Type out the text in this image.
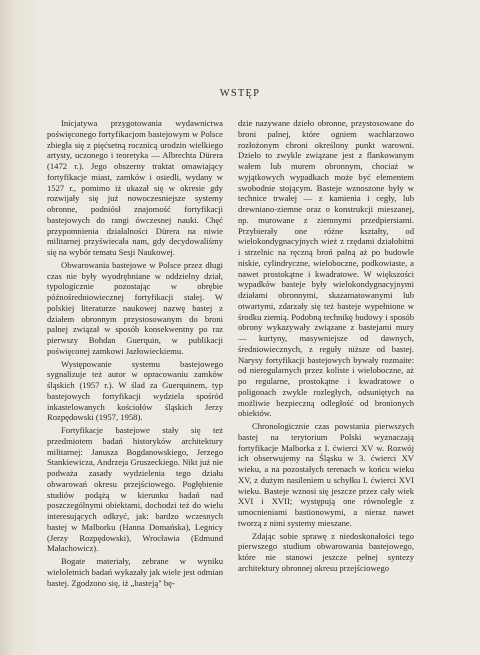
WSTĘP

Inicjatywa przygotowania wydawnictwa poświęconego fortyfikacjom bastejowym w Polsce zbiegła się z pięćsetną rocznicą urodzin wielkiego artysty, uczonego i teoretyka — Albrechta Dürera (1472 r.). Jego obszerny traktat omawiający fortyfikacje miast, zamków i osiedli, wydany w 1527 r., pomimo iż ukazał się w okresie gdy rozwijały się już nowoczesniejsze systemy obronne, podniósł znajomość fortyfikacji bastejowych do rangi ówczesnej nauki. Chęć przypomnienia działalności Dürera na niwie militarnej przyświecała nam, gdy decydowaliśmy się na wybór tematu Sesji Naukowej.

Obwarowania bastejowe w Polsce przez długi czas nie były wyodrębniane w oddzielny dział, typologicznie pozostając w obrębie późnośredniowiecznej fortyfikacji stałej. W polskiej literaturze naukowej nazwę bastej z działem obronnym przystosowanym do broni palnej związał w sposób konsekwentny po raz pierwszy Bohdan Guerquin, w publikacji poświęconej zamkowi Jazłowieckiemu.

Występowanie systemu bastejowego sygnalizuje też autor w opracowaniu zamków śląskich (1957 r.). W ślad za Guerquinem, typ bastejowych fortyfikacji wydziela spośród inkastelowanych kościołów śląskich Jerzy Rozpędowski (1957, 1958).

Fortyfikacje bastejowe stały się też przedmiotem badań historyków architektury militarnej: Janusza Bogdanowskiego, Jerzego Stankiewicza, Andrzeja Gruszeckiego. Nikt już nie podważa zasady wydzielenia tego działu obwarowań okresu przejściowego. Pogłębienie studiów podążą w kierunku badań nad poszczególnymi obiektami, dochodzi też do wielu interesujących odkryć, jak: bardzo wczesnych bastej w Malborku (Hanna Domańska), Legnicy (Jerzy Rozpędowski), Wrocławia (Edmund Małachowicz).

Bogate materiały, zebrane w wyniku wieloletnich badań wykazały jak wiele jest odmian bastej. Zgodzono się, iż „basteją" bę-

dzie nazywane dzieło obronne, przystosowane do broni palnej, które ogniem wachlarzowo rozłożonym chroni określony punkt warowni. Dzieło to zwykle związane jest z flankowanym wałem lub murem obronnym, chociaż w wyjątkowych wypadkach może być elementem swobodnie stojącym. Basteje wznoszone były w technice trwałej — z kamienia i cegły, lub drewniano-ziemne oraz o konstrukcji mieszanej, np. murowane z ziemnymi przedpiersiami. Przybierały one różne kształty, od wielokondygnacyjnych wież z rzędami działobitni i strzelnic na ręczną broń palną aż po budowle niskie, cylindryczne, wieloboczne, podkowiaste, a nawet prostokątne i kwadratowe. W większości wypadków basteje były wielokondygnacyjnymi działami obronnymi, skazamatowanymi lub otwartymi, zdarzały się też basteje wypełnione w środku ziemią. Podobną technikę budowy i sposób obrony wykazywały związane z bastejami mury — kurtyny, masywniejsze od dawnych, średniowiecznych, z reguły niższe od bastej. Narysy fortyfikacji bastejowych bywały rozmaite: od nieregularnych przez koliste i wieloboczne, aż po regularne, prostokątne i kwadratowe o poligonach zwykle rozległych, odsuniętych na możliwie bezpieczną odległość od bronionych obiektów.

Chronologicznie czas powstania pierwszych bastej na terytorium Polski wyznaczają fortyfikacje Malborka z I. ćwierci XV w. Rozwój ich obserwujemy na Śląsku w 3. ćwierci XV wieku, a na pozostałych terenach w końcu wieku XV, z dużym nasileniem u schyłku I. ćwierci XVI wieku. Basteje wznosi się jeszcze przez cały wiek XVI i XVII; występują one równolegle z umocnieniami bastionowymi, a nieraz nawet tworzą z nimi systemy mieszane.

Zdając sobie sprawę z niedoskonałości tego pierwszego studium obwarowania bastejowego, które nie stanowi jeszcze pełnej syntezy architektury obronnej okresu przejściowego
